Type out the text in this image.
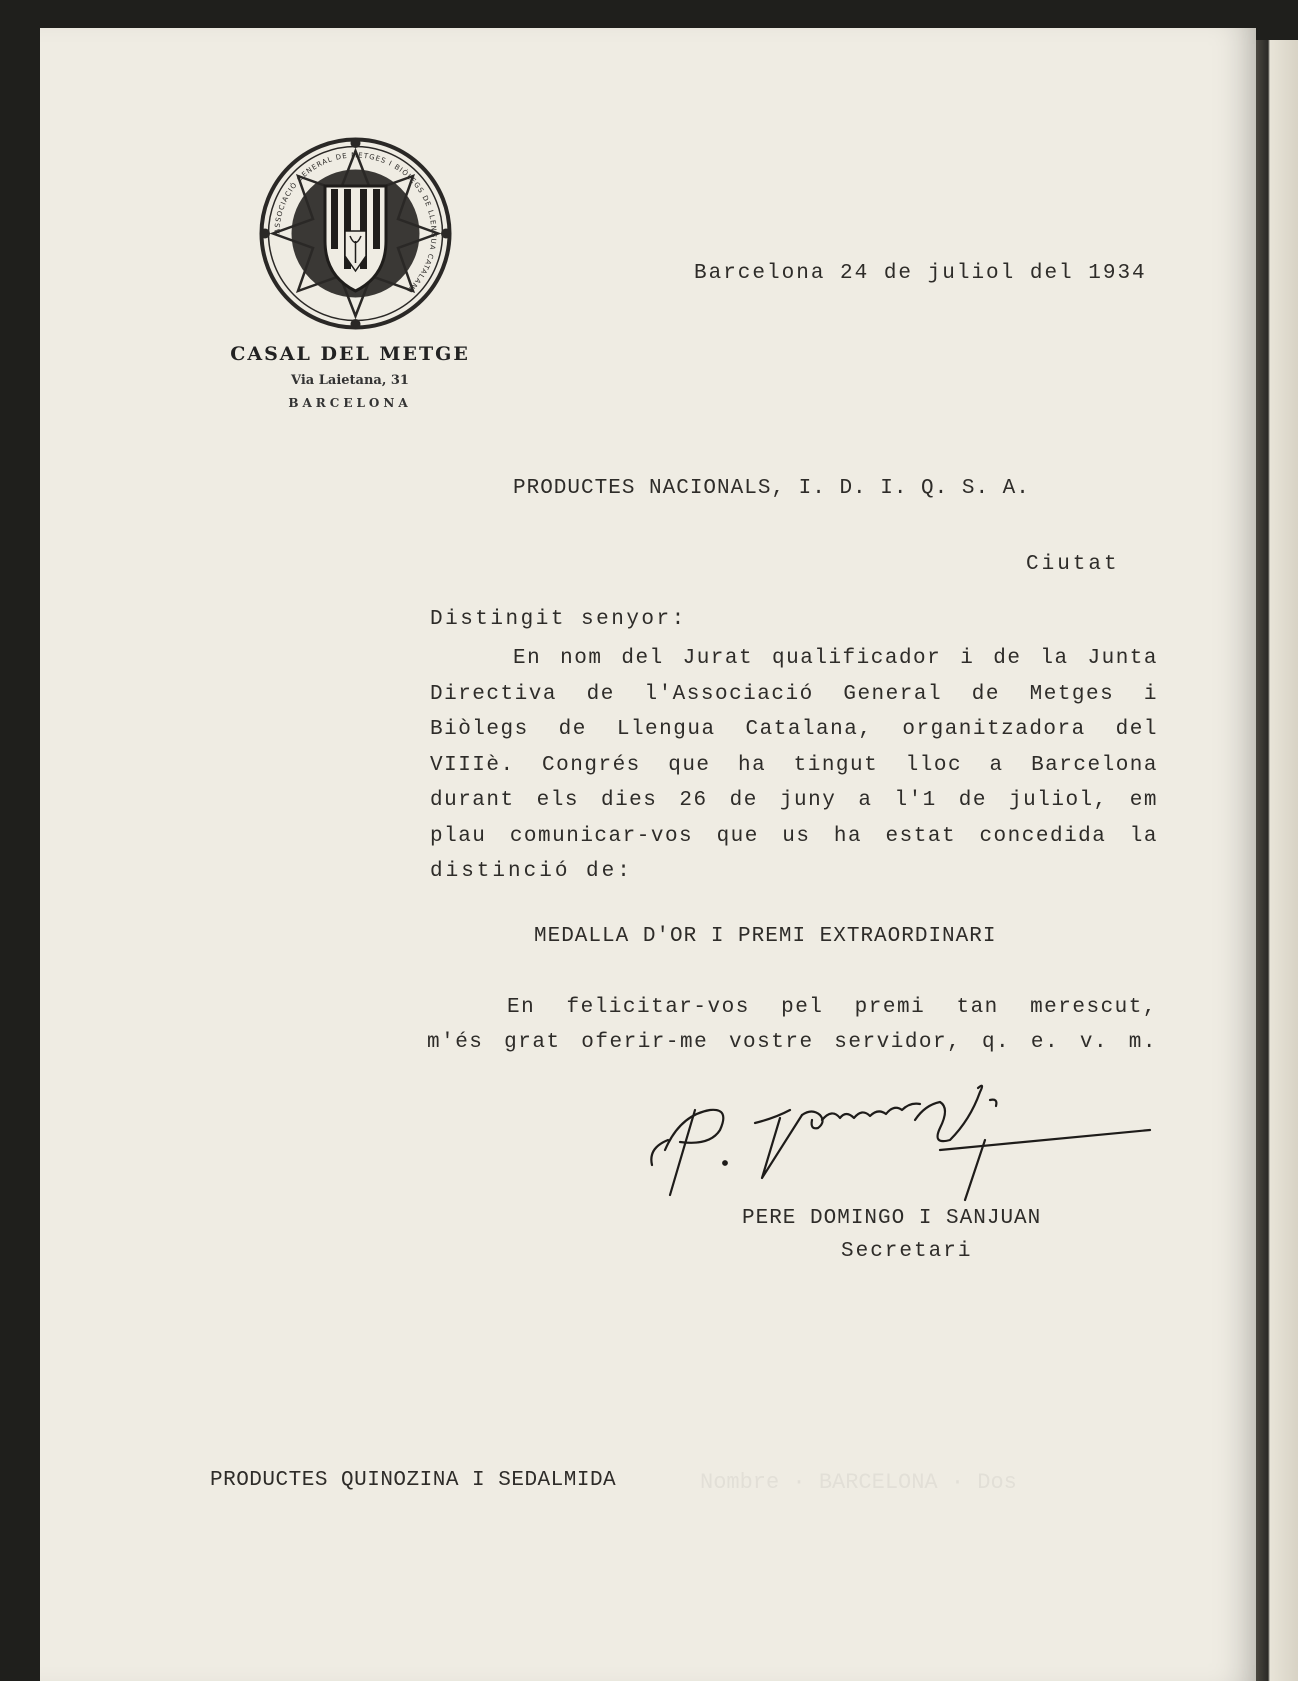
Nombre · BARCELONA · Dos
ASSOCIACIÓ GENERAL DE METGES I BIÒLEGS DE LLENGUA CATALANA
CASAL DEL METGE
Via Laietana, 31
BARCELONA
Barcelona 24 de juliol del 1934
PRODUCTES NACIONALS, I. D. I. Q. S. A.
Ciutat
Distingit senyor:
En nom del Jurat qualificador i de la Junta
Directiva de l'Associació General de Metges i
Biòlegs de Llengua Catalana, organitzadora del
VIIIè. Congrés que ha tingut lloc a Barcelona
durant els dies 26 de juny a l'1 de juliol, em
plau comunicar-vos que us ha estat concedida la
distinció de:
MEDALLA D'OR I PREMI EXTRAORDINARI
En felicitar-vos pel premi tan merescut,
m'és grat oferir-me vostre servidor, q. e. v. m.
PERE DOMINGO I SANJUAN
Secretari
PRODUCTES QUINOZINA I SEDALMIDA
